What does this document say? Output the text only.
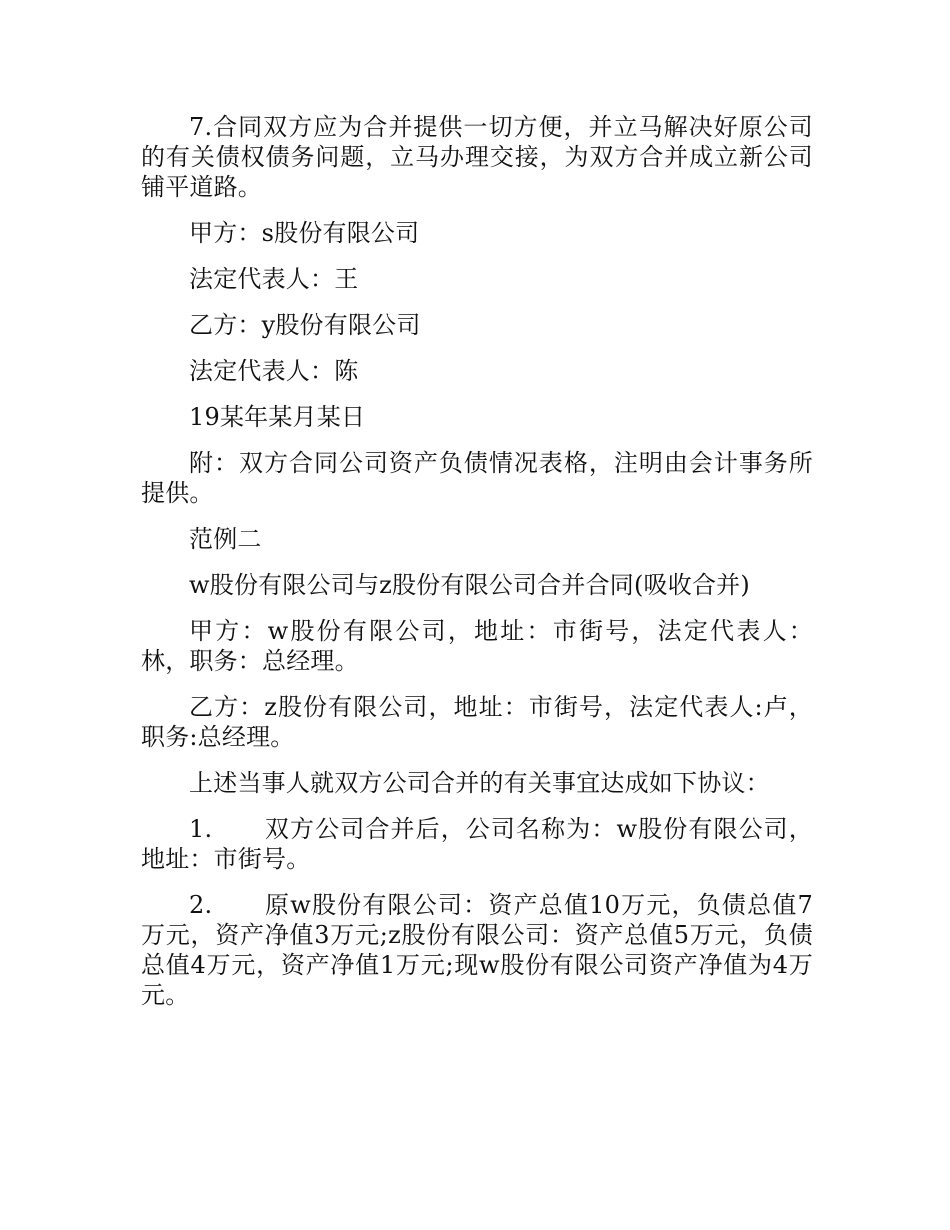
7.合同双方应为合并提供一切方便，并立马解决好原公司的有关债权债务问题，立马办理交接，为双方合并成立新公司铺平道路。

甲方：s股份有限公司

法定代表人：王

乙方：y股份有限公司

法定代表人：陈

19某年某月某日

附：双方合同公司资产负债情况表格，注明由会计事务所提供。

范例二

w股份有限公司与z股份有限公司合并合同(吸收合并)

甲方：w股份有限公司，地址：市街号，法定代表人：林，职务：总经理。

乙方：z股份有限公司，地址：市街号，法定代表人:卢，职务:总经理。

上述当事人就双方公司合并的有关事宜达成如下协议：

1. 双方公司合并后，公司名称为：w股份有限公司，地址：市街号。

2. 原w股份有限公司：资产总值10万元，负债总值7万元，资产净值3万元;z股份有限公司：资产总值5万元，负债总值4万元，资产净值1万元;现w股份有限公司资产净值为4万元。
